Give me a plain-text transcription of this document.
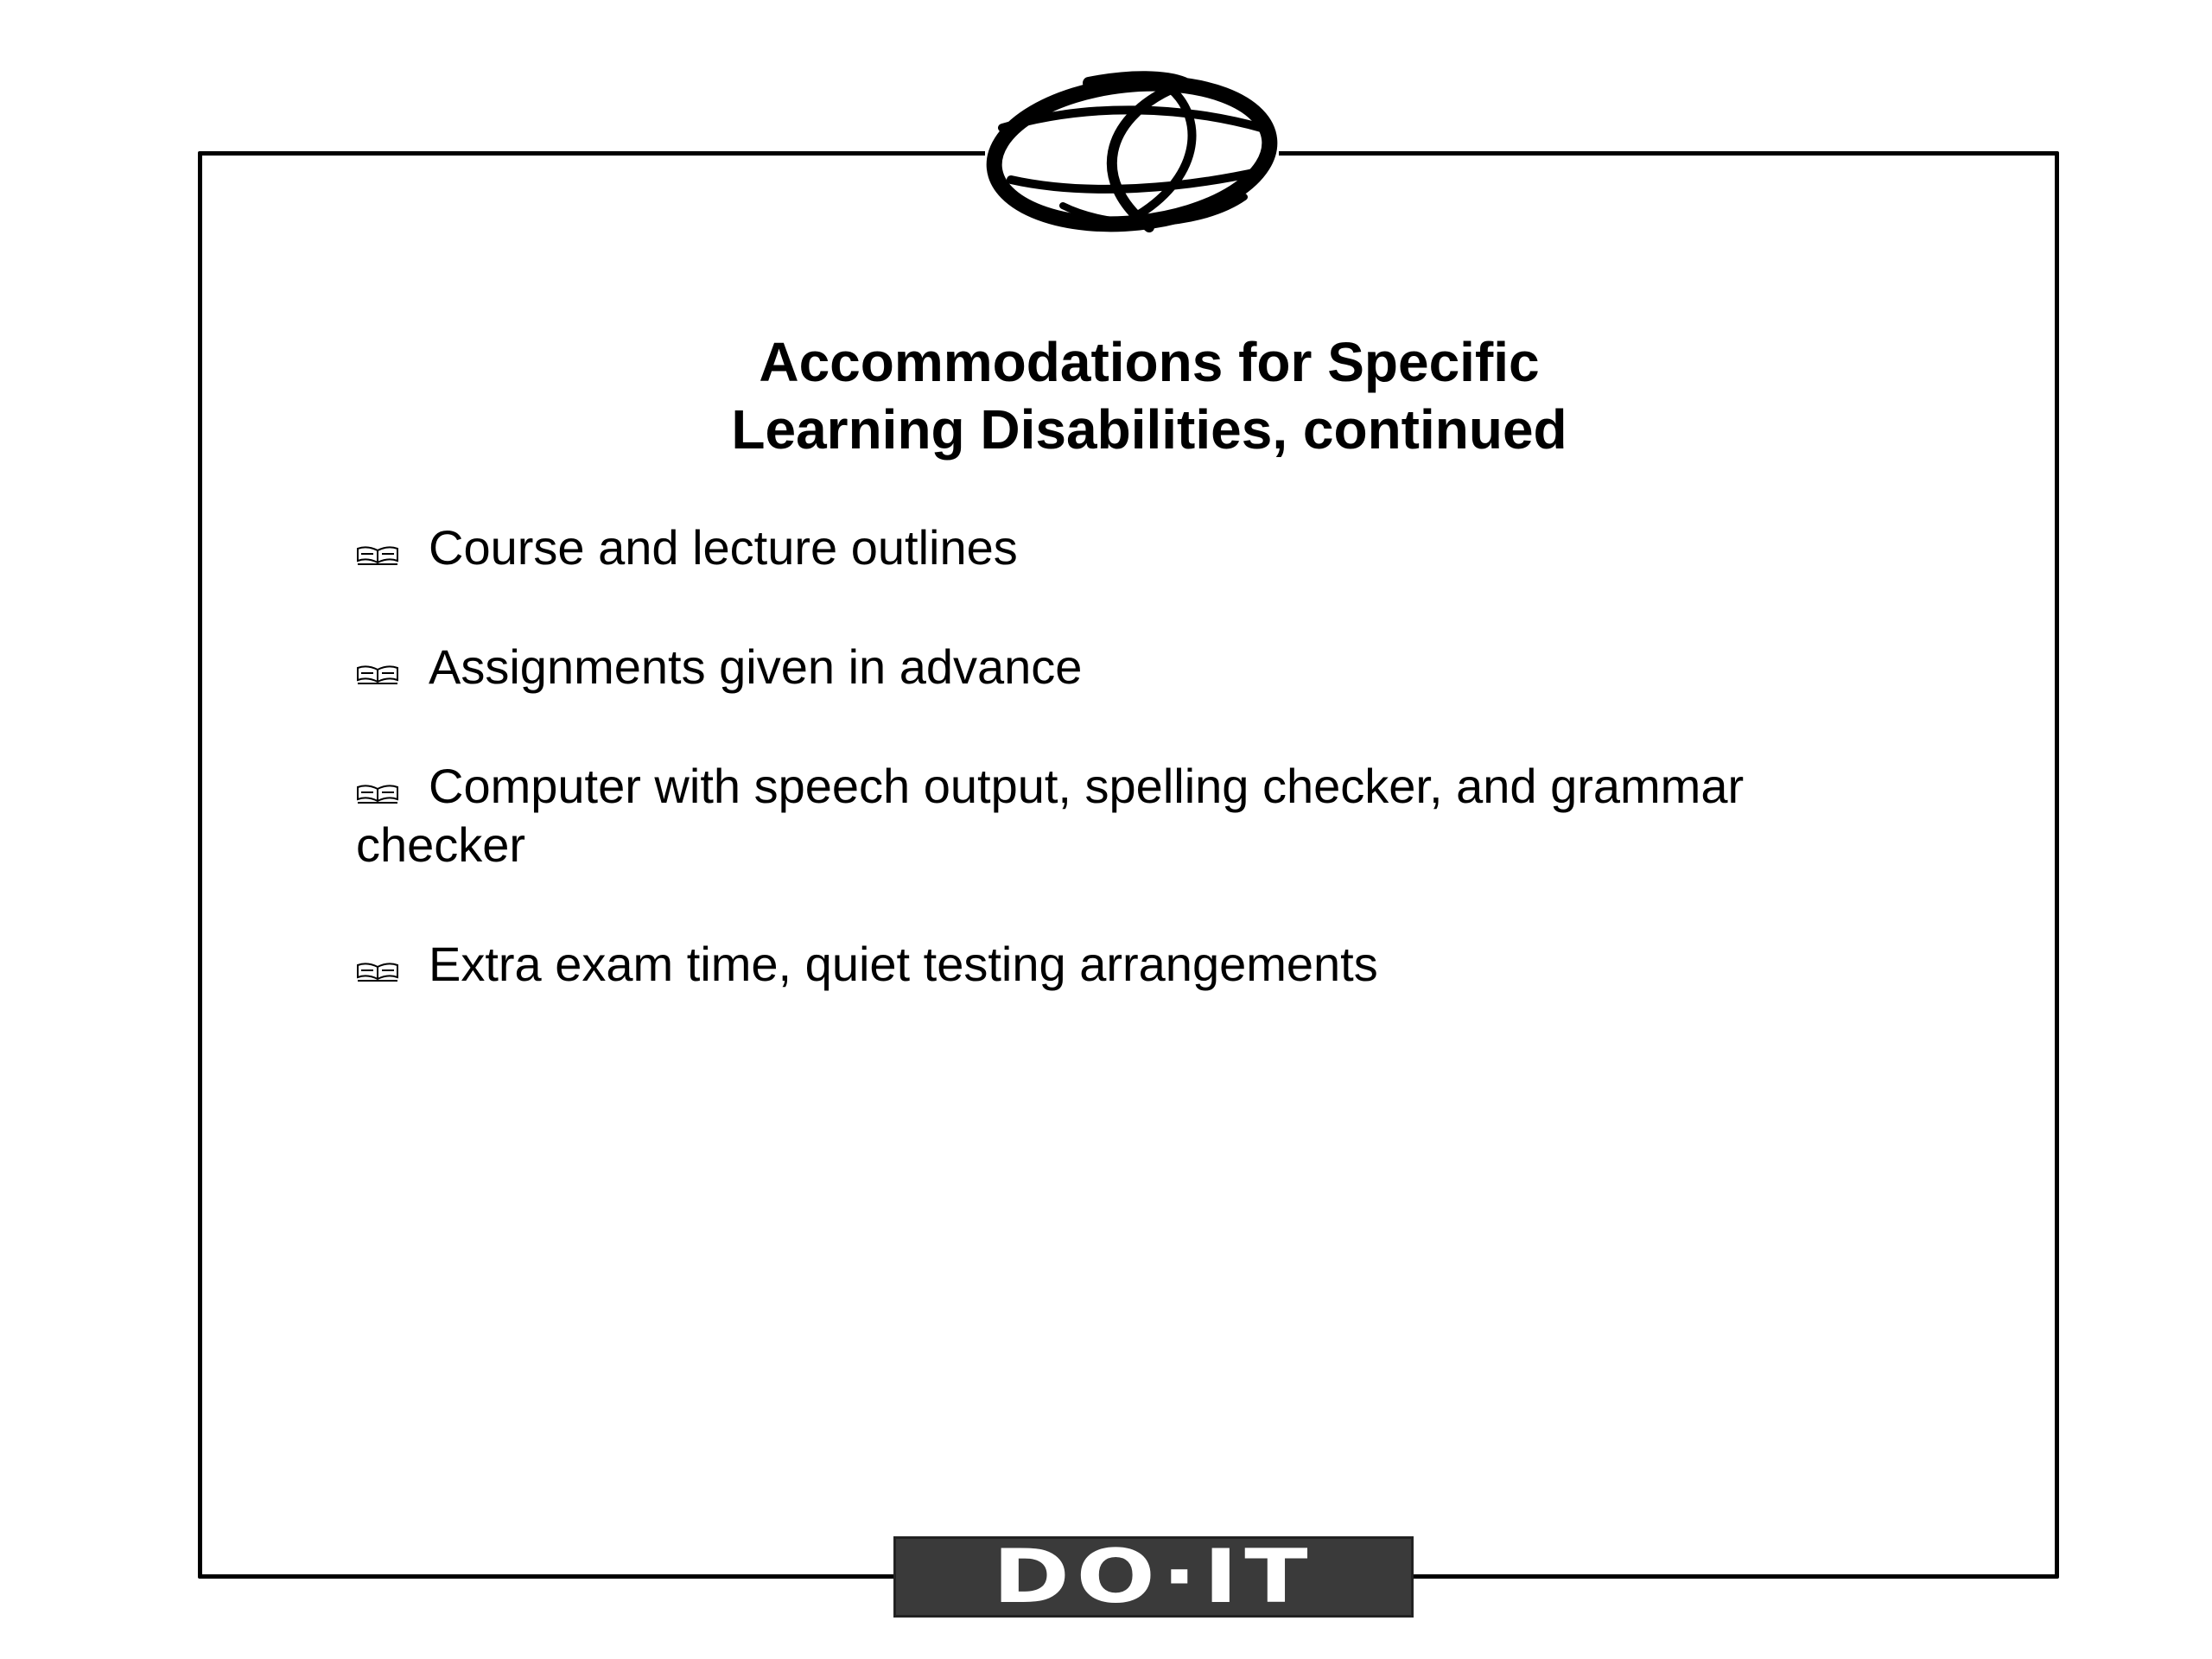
Accommodations for Specific
Learning Disabilities, continued
Course and lecture outlines
Assignments given in advance
Computer with speech output, spelling checker, and grammar checker
Extra exam time, quiet testing arrangements
DO·IT
